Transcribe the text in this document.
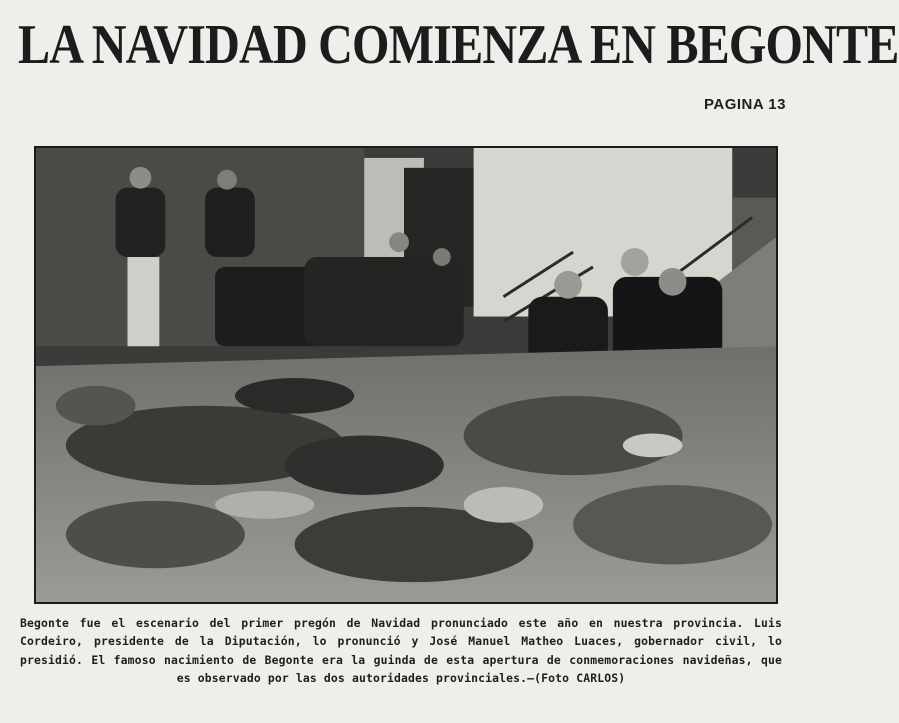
LA NAVIDAD COMIENZA EN BEGONTE
PAGINA 13

Begonte fue el escenario del primer pregón de Navidad pronunciado este año en nuestra provincia. Luis Cordeiro, presidente de la Diputación, lo pronunció y José Manuel Matheo Luaces, gobernador civil, lo presidió. El famoso nacimiento de Begonte era la guinda de esta apertura de conmemoraciones navideñas, que es observado por las dos autoridades provinciales.—(Foto CARLOS)
